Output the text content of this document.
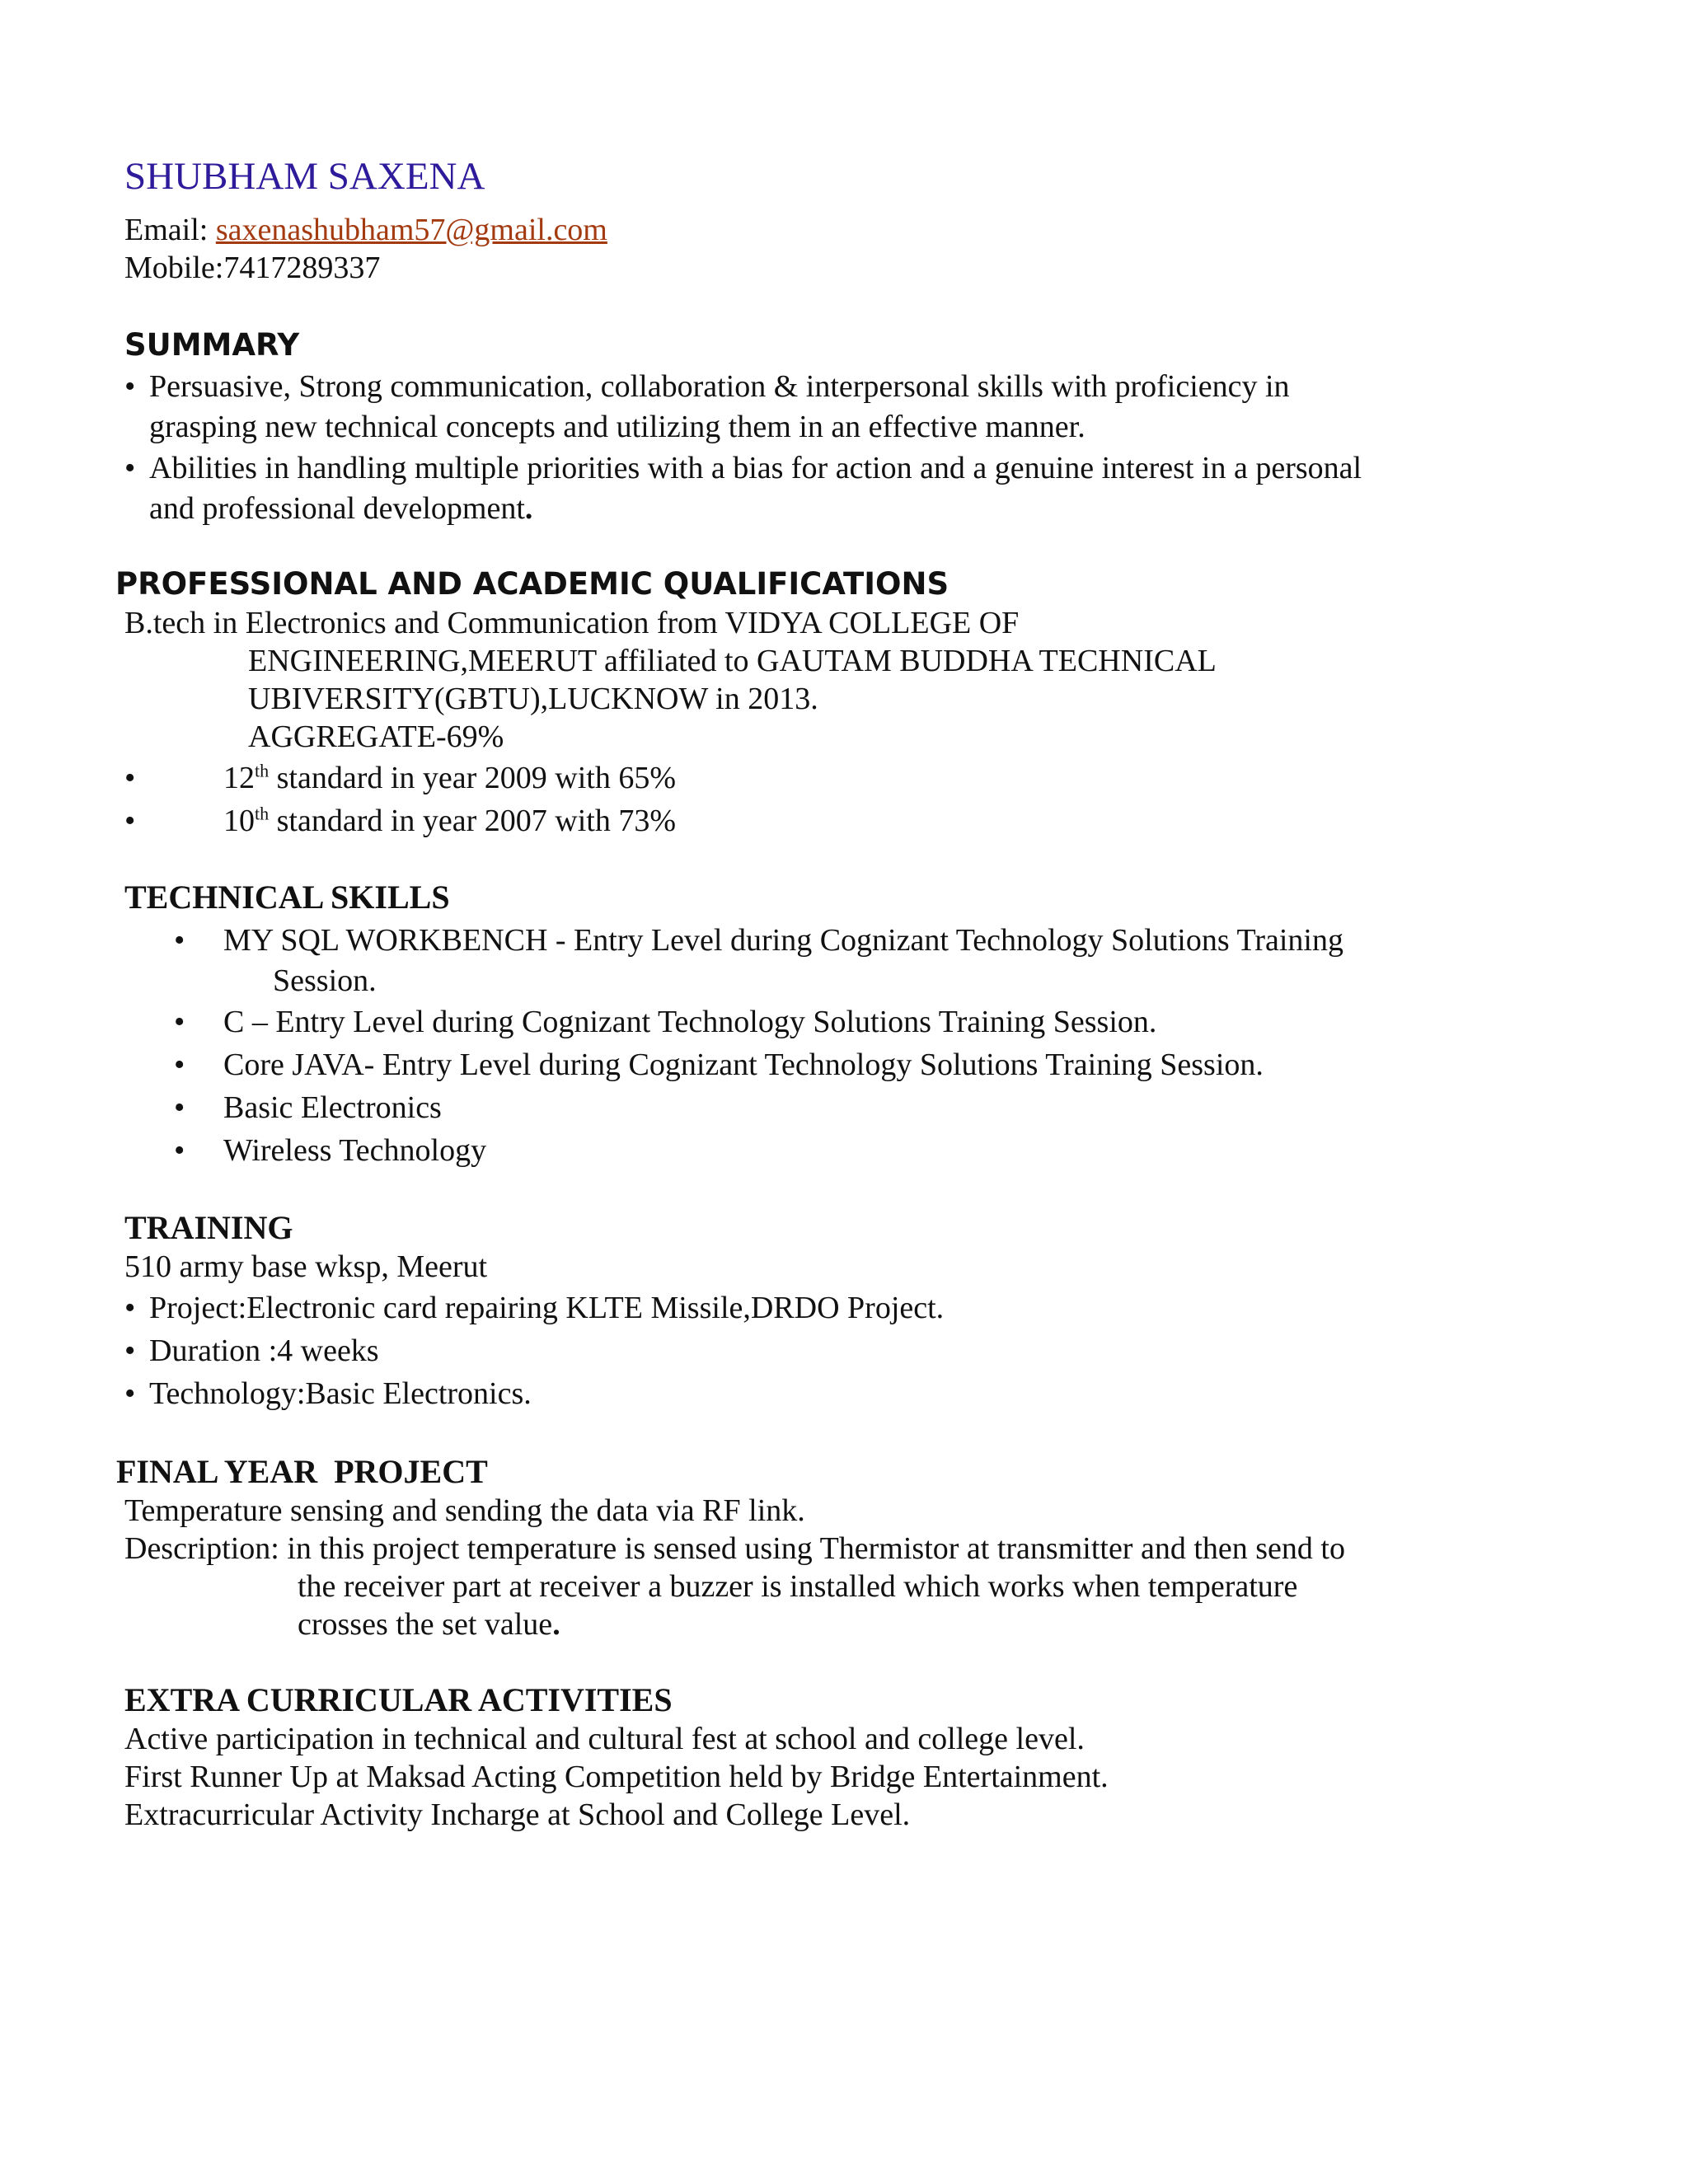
SHUBHAM SAXENA
Email: saxenashubham57@gmail.com
Mobile:7417289337
SUMMARY
• Persuasive, Strong communication, collaboration & interpersonal skills with proficiency in
grasping new technical concepts and utilizing them in an effective manner.
• Abilities in handling multiple priorities with a bias for action and a genuine interest in a personal
and professional development.
PROFESSIONAL AND ACADEMIC QUALIFICATIONS
B.tech in Electronics and Communication from VIDYA COLLEGE OF
ENGINEERING,MEERUT affiliated to GAUTAM BUDDHA TECHNICAL
UBIVERSITY(GBTU),LUCKNOW in 2013.
AGGREGATE-69%
•	12th standard in year 2009 with 65%
•	10th standard in year 2007 with 73%
TECHNICAL SKILLS
• MY SQL WORKBENCH - Entry Level during Cognizant Technology Solutions Training
Session.
• C – Entry Level during Cognizant Technology Solutions Training Session.
• Core JAVA- Entry Level during Cognizant Technology Solutions Training Session.
• Basic Electronics
• Wireless Technology
TRAINING
510 army base wksp, Meerut
• Project:Electronic card repairing KLTE Missile,DRDO Project.
• Duration :4 weeks
• Technology:Basic Electronics.
FINAL YEAR  PROJECT
Temperature sensing and sending the data via RF link.
Description: in this project temperature is sensed using Thermistor at transmitter and then send to
the receiver part at receiver a buzzer is installed which works when temperature
crosses the set value.
EXTRA CURRICULAR ACTIVITIES
Active participation in technical and cultural fest at school and college level.
First Runner Up at Maksad Acting Competition held by Bridge Entertainment.
Extracurricular Activity Incharge at School and College Level.
